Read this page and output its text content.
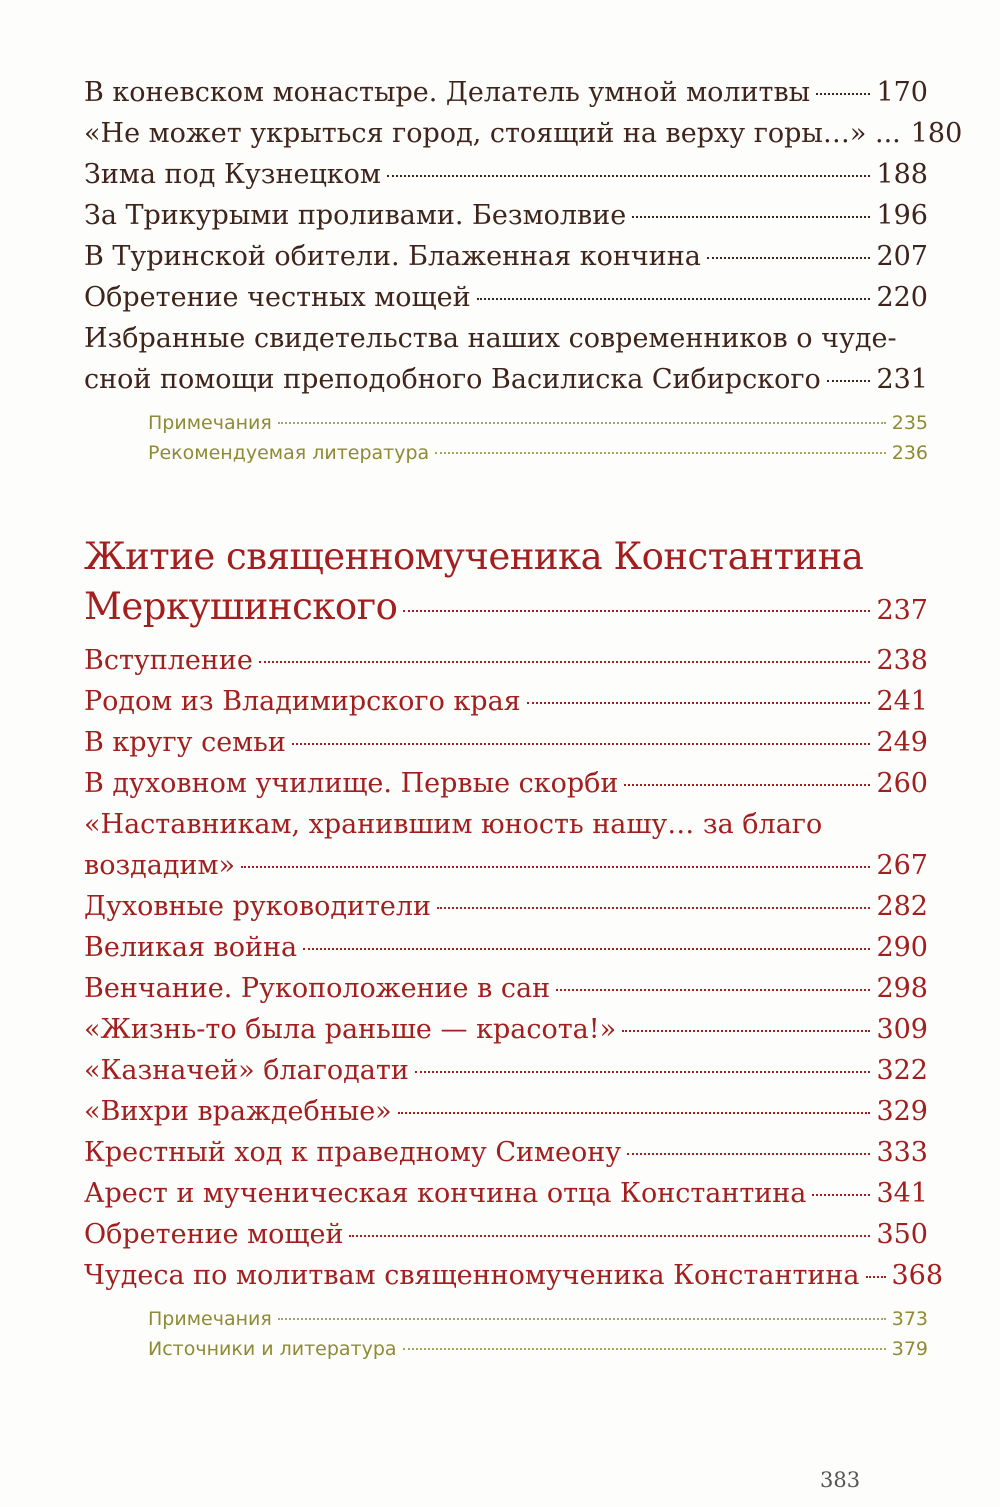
В коневском монастыре. Делатель умной молитвы 170
«Не может укрыться город, стоящий на верху горы…» ... 180
Зима под Кузнецком	188
За Трикурыми проливами. Безмолвие	196
В Туринской обители. Блаженная кончина	207
Обретение честных мощей	220
Избранные свидетельства наших современников о чуде-
сной помощи преподобного Василиска Сибирского 231
Примечания	235
Рекомендуемая литература	236
Житие священномученика Константина
Меркушинского	237
Вступление	238
Родом из Владимирского края	241
В кругу семьи	249
В духовном училище. Первые скорби	260
«Наставникам, хранившим юность нашу… за благо
воздадим»	267
Духовные руководители	282
Великая война	290
Венчание. Рукоположение в сан	298
«Жизнь-то была раньше — красота!»	309
«Казначей» благодати	322
«Вихри враждебные»	329
Крестный ход к праведному Симеону	333
Арест и мученическая кончина отца Константина	341
Обретение мощей	350
Чудеса по молитвам священномученика Константина 368
Примечания	373
Источники и литература	379
383
